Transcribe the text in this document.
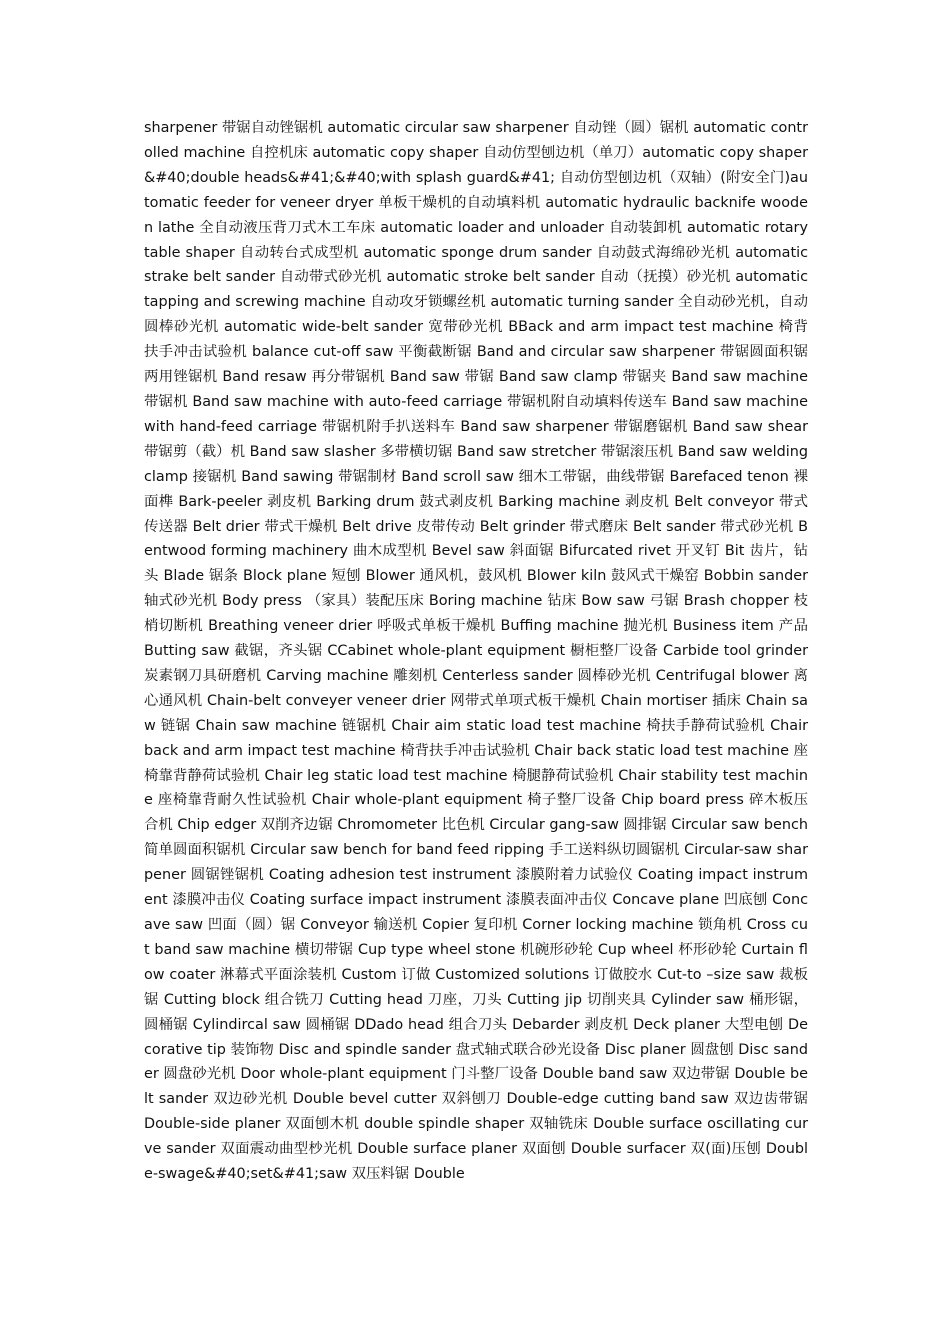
sharpener 带锯自动锉锯机 automatic circular saw sharpener 自动锉（圆）锯机 automatic controlled machine 自控机床 automatic copy shaper 自动仿型刨边机（单刀）automatic copy shaper&#40;double heads&#41;&#40;with splash guard&#41; 自动仿型刨边机（双轴）(附安全门)automatic feeder for veneer dryer 单板干燥机的自动填料机 automatic hydraulic backnife wooden lathe 全自动液压背刀式木工车床 automatic loader and unloader 自动装卸机 automatic rotary table shaper 自动转台式成型机 automatic sponge drum sander 自动鼓式海绵砂光机 automatic strake belt sander 自动带式砂光机 automatic stroke belt sander 自动（抚摸）砂光机 automatic tapping and screwing machine 自动攻牙锁螺丝机 automatic turning sander 全自动砂光机，自动圆棒砂光机 automatic wide-belt sander 宽带砂光机 BBack and arm impact test machine 椅背扶手冲击试验机 balance cut-off saw 平衡截断锯 Band and circular saw sharpener 带锯圆面积锯两用锉锯机 Band resaw 再分带锯机 Band saw 带锯 Band saw clamp 带锯夹 Band saw machine 带锯机 Band saw machine with auto-feed carriage 带锯机附自动填料传送车 Band saw machine with hand-feed carriage 带锯机附手扒送料车 Band saw sharpener 带锯磨锯机 Band saw shear 带锯剪（截）机 Band saw slasher 多带横切锯 Band saw stretcher 带锯滚压机 Band saw welding clamp 接锯机 Band sawing 带锯制材 Band scroll saw 细木工带锯，曲线带锯 Barefaced tenon 裸面榫 Bark-peeler 剥皮机 Barking drum 鼓式剥皮机 Barking machine 剥皮机 Belt conveyor 带式传送器 Belt drier 带式干燥机 Belt drive 皮带传动 Belt grinder 带式磨床 Belt sander 带式砂光机 Bentwood forming machinery 曲木成型机 Bevel saw 斜面锯 Bifurcated rivet 开叉钉 Bit 齿片，钻头 Blade 锯条 Block plane 短刨 Blower 通风机，鼓风机 Blower kiln 鼓风式干燥窑 Bobbin sander 轴式砂光机 Body press （家具）装配压床 Boring machine 钻床 Bow saw 弓锯 Brash chopper 枝梢切断机 Breathing veneer drier 呼吸式单板干燥机 Buffing machine 抛光机 Business item 产品 Butting saw 截锯，齐头锯 CCabinet whole-plant equipment 橱柜整厂设备 Carbide tool grinder 炭素钢刀具研磨机 Carving machine 雕刻机 Centerless sander 圆棒砂光机 Centrifugal blower 离心通风机 Chain-belt conveyer veneer drier 网带式单项式板干燥机 Chain mortiser 插床 Chain saw 链锯 Chain saw machine 链锯机 Chair aim static load test machine 椅扶手静荷试验机 Chair back and arm impact test machine 椅背扶手冲击试验机 Chair back static load test machine 座椅靠背静荷试验机 Chair leg static load test machine 椅腿静荷试验机 Chair stability test machine 座椅靠背耐久性试验机 Chair whole-plant equipment 椅子整厂设备 Chip board press 碎木板压合机 Chip edger 双削齐边锯 Chromometer 比色机 Circular gang-saw 圆排锯 Circular saw bench 简单圆面积锯机 Circular saw bench for band feed ripping 手工送料纵切圆锯机 Circular-saw sharpener 圆锯锉锯机 Coating adhesion test instrument 漆膜附着力试验仪 Coating impact instrument 漆膜冲击仪 Coating surface impact instrument 漆膜表面冲击仪 Concave plane 凹底刨 Concave saw 凹面（圆）锯 Conveyor 输送机 Copier 复印机 Corner locking machine 锁角机 Cross cut band saw machine 横切带锯 Cup type wheel stone 机碗形砂轮 Cup wheel 杯形砂轮 Curtain flow coater 淋幕式平面涂装机 Custom 订做 Customized solutions 订做胶水 Cut-to –size saw 裁板锯 Cutting block 组合铣刀 Cutting head 刀座，刀头 Cutting jip 切削夹具 Cylinder saw 桶形锯，圆桶锯 Cylindircal saw 圆桶锯 DDado head 组合刀头 Debarder 剥皮机 Deck planer 大型电刨 Decorative tip 装饰物 Disc and spindle sander 盘式轴式联合砂光设备 Disc planer 圆盘刨 Disc sander 圆盘砂光机 Door whole-plant equipment 门斗整厂设备 Double band saw 双边带锯 Double belt sander 双边砂光机 Double bevel cutter 双斜刨刀 Double-edge cutting band saw 双边齿带锯 Double-side planer 双面刨木机 double spindle shaper 双轴铣床 Double surface oscillating curve sander 双面震动曲型杪光机 Double surface planer 双面刨 Double surfacer 双(面)压刨 Double-swage&#40;set&#41;saw 双压料锯 Double
